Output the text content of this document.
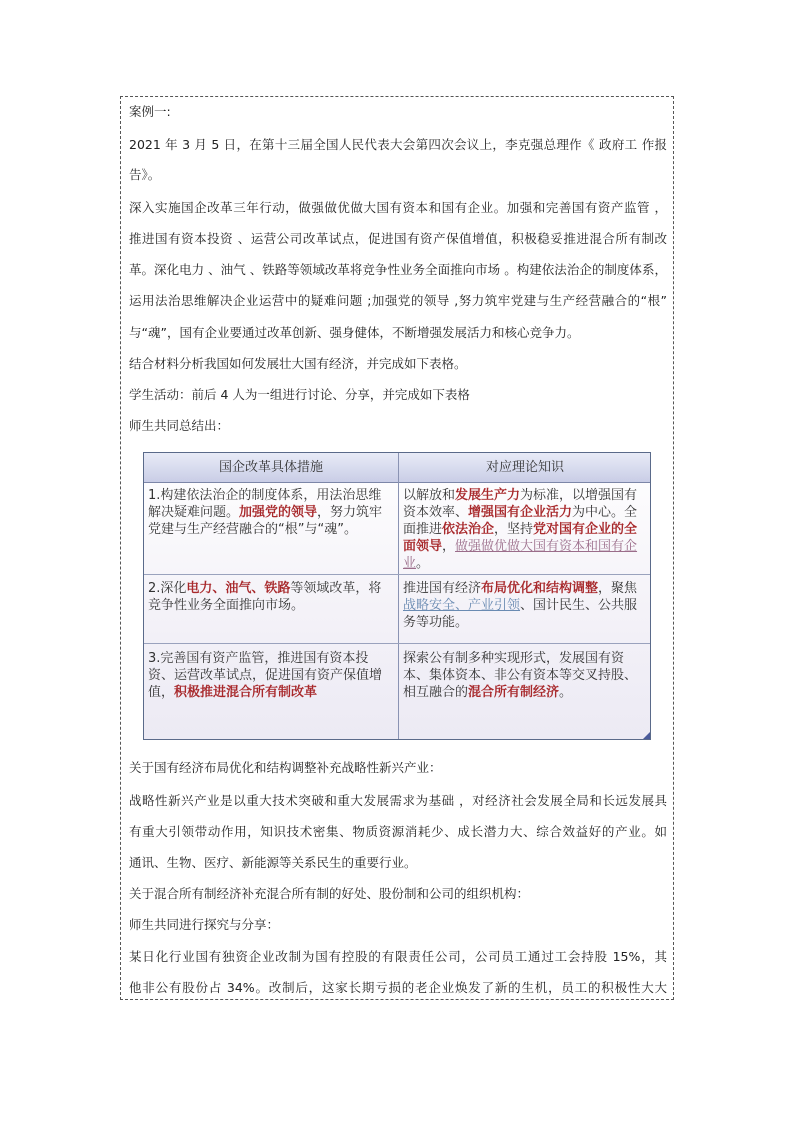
案例一:
2021 年 3 月 5 日，在第十三届全国人民代表大会第四次会议上，李克强总理作《 政府工 作报
告》。
深入实施国企改革三年行动，做强做优做大国有资本和国有企业。加强和完善国有资产监管 ，
推进国有资本投资 、运营公司改革试点，促进国有资产保值增值，积极稳妥推进混合所有制改
革。深化电力 、油气 、铁路等领域改革将竞争性业务全面推向市场 。构建依法治企的制度体系，
运用法治思维解决企业运营中的疑难问题 ;加强党的领导 ,努力筑牢党建与生产经营融合的“根”
与“魂”，国有企业要通过改革创新、强身健体，不断增强发展活力和核心竞争力。
结合材料分析我国如何发展壮大国有经济，并完成如下表格。
学生活动：前后 4 人为一组进行讨论、分享，并完成如下表格
师生共同总结出：
国企改革具体措施	对应理论知识
1.构建依法治企的制度体系，用法治思维解决疑难问题。加强党的领导，努力筑牢党建与生产经营融合的“根”与“魂”。
以解放和发展生产力为标准，以增强国有资本效率、增强国有企业活力为中心。全面推进依法治企，坚持党对国有企业的全面领导，做强做优做大国有资本和国有企业。
2.深化电力、油气、铁路等领域改革，将竞争性业务全面推向市场。
推进国有经济布局优化和结构调整，聚焦战略安全、产业引领、国计民生、公共服务等功能。
3.完善国有资产监管，推进国有资本投资、运营改革试点，促进国有资产保值增值，积极推进混合所有制改革
探索公有制多种实现形式，发展国有资本、集体资本、非公有资本等交叉持股、相互融合的混合所有制经济。
关于国有经济布局优化和结构调整补充战略性新兴产业：
战略性新兴产业是以重大技术突破和重大发展需求为基础 ，对经济社会发展全局和长远发展具
有重大引领带动作用，知识技术密集、物质资源消耗少、成长潜力大、综合效益好的产业。如
通讯、生物、医疗、新能源等关系民生的重要行业。
关于混合所有制经济补充混合所有制的好处、股份制和公司的组织机构：
师生共同进行探究与分享：
某日化行业国有独资企业改制为国有控股的有限责任公司，公司员工通过工会持股 15%，其
他非公有股份占 34%。改制后，这家长期亏损的老企业焕发了新的生机，员工的积极性大大
